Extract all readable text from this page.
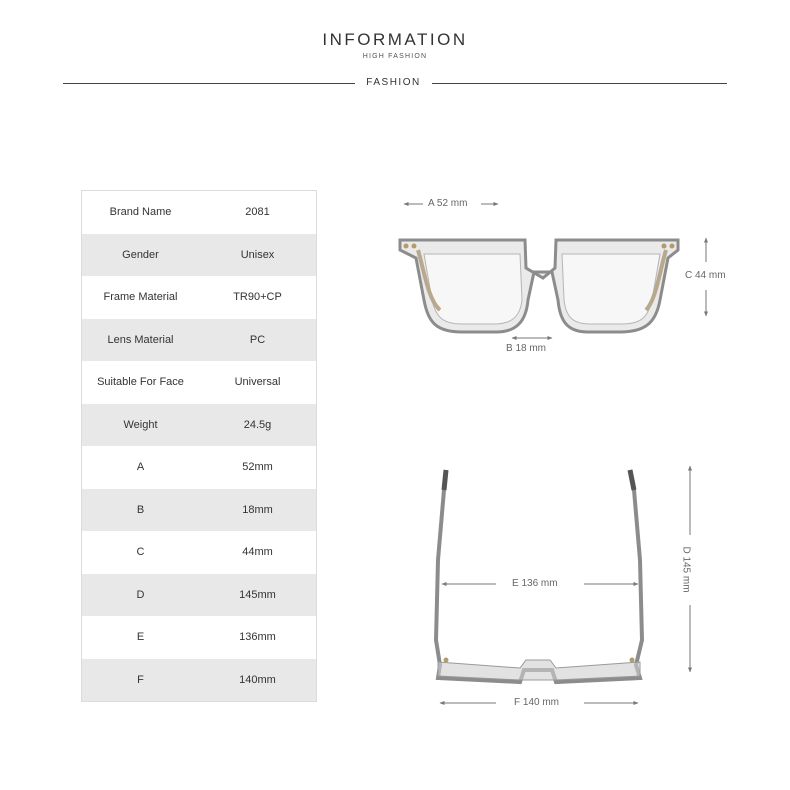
INFORMATION
HIGH FASHION
FASHION
Brand Name	2081
Gender	Unisex
Frame Material	TR90+CP
Lens Material	PC
Suitable For Face	Universal
Weight	24.5g
A	52mm
B	18mm
C	44mm
D	145mm
E	136mm
F	140mm
A 52 mm
B 18 mm
C 44 mm
D 145 mm
E 136 mm
F 140 mm
